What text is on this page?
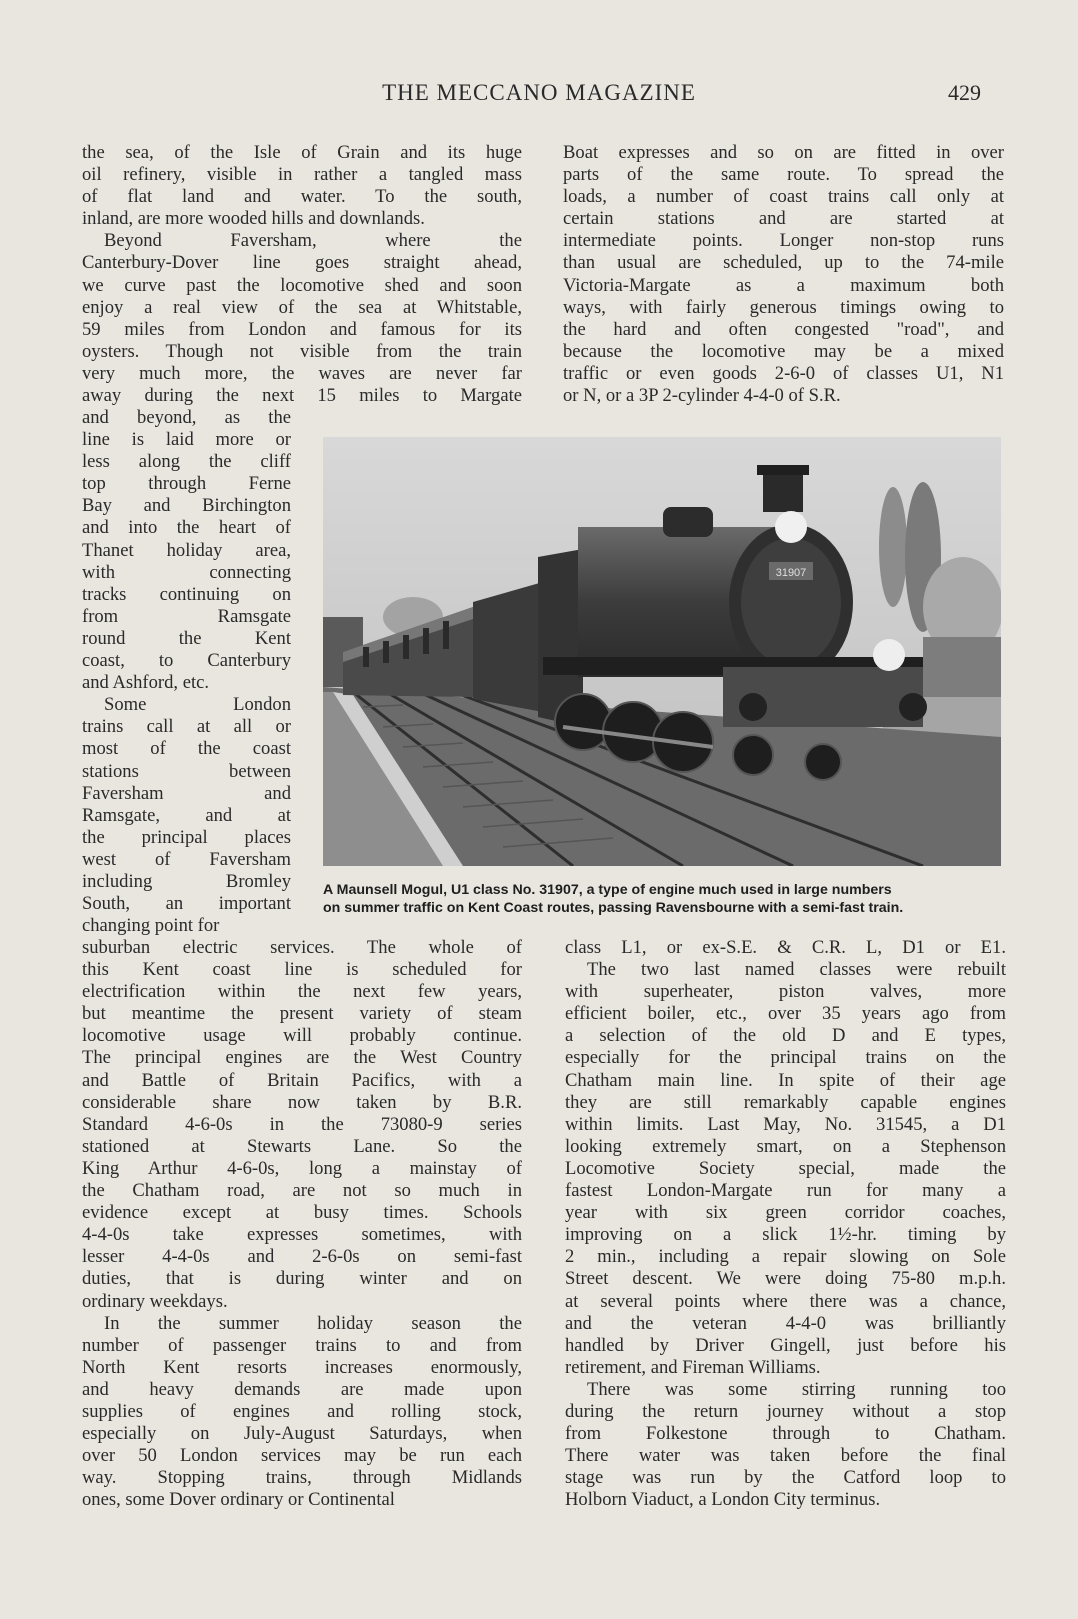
THE MECCANO MAGAZINE	429
the sea, of the Isle of Grain and its huge
oil refinery, visible in rather a tangled mass
of flat land and water. To the south,
inland, are more wooded hills and downlands.
Beyond Faversham, where the
Canterbury-Dover line goes straight ahead,
we curve past the locomotive shed and soon
enjoy a real view of the sea at Whitstable,
59 miles from London and famous for its
oysters. Though not visible from the train
very much more, the waves are never far
away during the next 15 miles to Margate
and beyond, as the
line is laid more or
less along the cliff
top through Ferne
Bay and Birchington
and into the heart of
Thanet holiday area,
with connecting
tracks continuing on
from Ramsgate
round the Kent
coast, to Canterbury
and Ashford, etc.
Some London
trains call at all or
most of the coast
stations between
Faversham and
Ramsgate, and at
the principal places
west of Faversham
including Bromley
South, an important
changing point for
suburban electric services. The whole of
this Kent coast line is scheduled for
electrification within the next few years,
but meantime the present variety of steam
locomotive usage will probably continue.
The principal engines are the West Country
and Battle of Britain Pacifics, with a
considerable share now taken by B.R.
Standard 4-6-0s in the 73080-9 series
stationed at Stewarts Lane. So the
King Arthur 4-6-0s, long a mainstay of
the Chatham road, are not so much in
evidence except at busy times. Schools
4-4-0s take expresses sometimes, with
lesser 4-4-0s and 2-6-0s on semi-fast
duties, that is during winter and on
ordinary weekdays.
In the summer holiday season the
number of passenger trains to and from
North Kent resorts increases enormously,
and heavy demands are made upon
supplies of engines and rolling stock,
especially on July-August Saturdays, when
over 50 London services may be run each
way. Stopping trains, through Midlands
ones, some Dover ordinary or Continental
Boat expresses and so on are fitted in over
parts of the same route. To spread the
loads, a number of coast trains call only at
certain stations and are started at
intermediate points. Longer non-stop runs
than usual are scheduled, up to the 74-mile
Victoria-Margate as a maximum both
ways, with fairly generous timings owing to
the hard and often congested "road", and
because the locomotive may be a mixed
traffic or even goods 2-6-0 of classes U1, N1
or N, or a 3P 2-cylinder 4-4-0 of S.R.
class L1, or ex-S.E. & C.R. L, D1 or E1.
The two last named classes were rebuilt
with superheater, piston valves, more
efficient boiler, etc., over 35 years ago from
a selection of the old D and E types,
especially for the principal trains on the
Chatham main line. In spite of their age
they are still remarkably capable engines
within limits. Last May, No. 31545, a D1
looking extremely smart, on a Stephenson
Locomotive Society special, made the
fastest London-Margate run for many a
year with six green corridor coaches,
improving on a slick 1½-hr. timing by
2 min., including a repair slowing on Sole
Street descent. We were doing 75-80 m.p.h.
at several points where there was a chance,
and the veteran 4-4-0 was brilliantly
handled by Driver Gingell, just before his
retirement, and Fireman Williams.
There was some stirring running too
during the return journey without a stop
from Folkestone through to Chatham.
There water was taken before the final
stage was run by the Catford loop to
Holborn Viaduct, a London City terminus.
31907
A Maunsell Mogul, U1 class No. 31907, a type of engine much used in large numbers
on summer traffic on Kent Coast routes, passing Ravensbourne with a semi-fast train.
